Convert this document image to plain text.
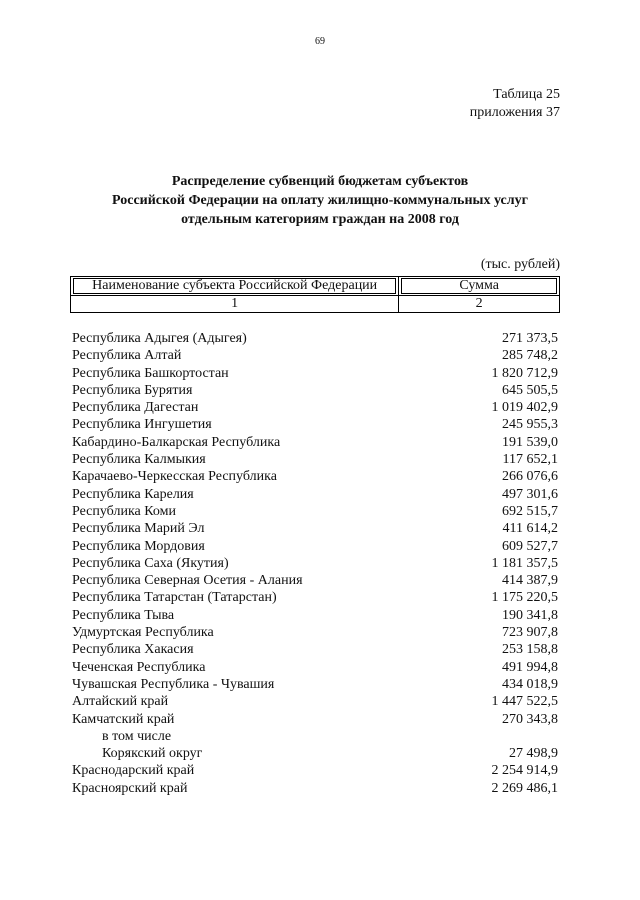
69
Таблица 25
приложения 37
Распределение субвенций бюджетам субъектов
Российской Федерации на оплату жилищно-коммунальных услуг
отдельным категориям граждан на 2008 год
(тыс. рублей)
Наименование субъекта Российской Федерации	Сумма

1	2
Республика Адыгея (Адыгея)	271 373,5
Республика Алтай	285 748,2
Республика Башкортостан	1 820 712,9
Республика Бурятия	645 505,5
Республика Дагестан	1 019 402,9
Республика Ингушетия	245 955,3
Кабардино-Балкарская Республика	191 539,0
Республика Калмыкия	117 652,1
Карачаево-Черкесская Республика	266 076,6
Республика Карелия	497 301,6
Республика Коми	692 515,7
Республика Марий Эл	411 614,2
Республика Мордовия	609 527,7
Республика Саха (Якутия)	1 181 357,5
Республика Северная Осетия - Алания	414 387,9
Республика Татарстан (Татарстан)	1 175 220,5
Республика Тыва	190 341,8
Удмуртская Республика	723 907,8
Республика Хакасия	253 158,8
Чеченская Республика	491 994,8
Чувашская Республика - Чувашия	434 018,9
Алтайский край	1 447 522,5
Камчатский край	270 343,8
в том числе
Корякский округ	27 498,9
Краснодарский край	2 254 914,9
Красноярский край	2 269 486,1
